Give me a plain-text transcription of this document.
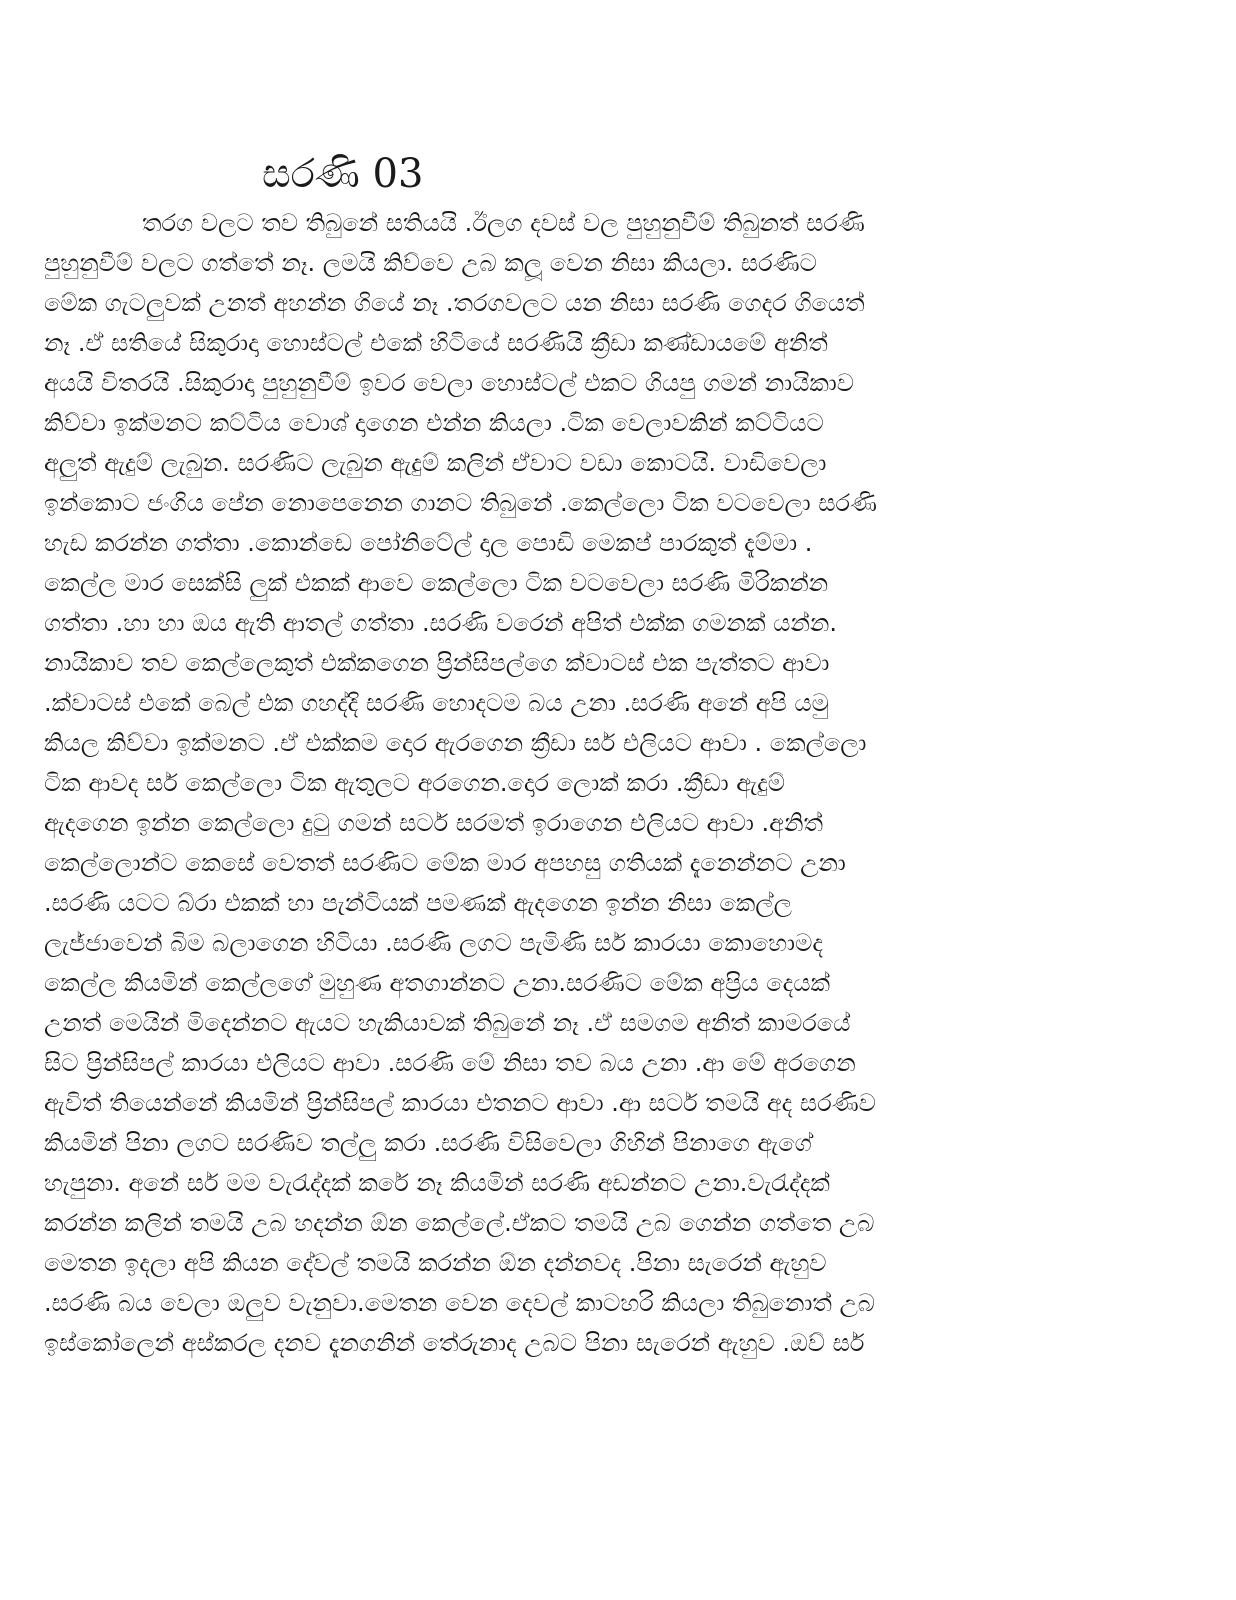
සරණි 03
තරග වලට තව තිබුනේ සතියයි .ඊලග දවස් වල පුහුනුවීම් තිබුනත් සරණි
පුහුනුවීම් වලට ගත්තේ නෑ. ලමයි කිව්වෙ උබ කලූ වෙන නිසා කියලා. සරණිට
මේක ගැටලුවක් උනත් අහන්න ගියේ නෑ .තරගවලට යන නිසා සරණි ගෙදර ගියෙත්
නෑ .ඒ සතියේ සිකුරාදා හොස්ටල් එකේ හිටියේ සරණියි ක්‍රීඩා කණ්ඩායමේ අනිත්
අයයි විතරයි .සිකුරාදා පුහුනුවීම් ඉවර වෙලා හොස්ටල් එකට ගියපු ගමන් නායිකාව
කිව්වා ඉක්මනට කට්ටිය වොශ් දාගෙන එන්න කියලා .ටික වෙලාවකින් කට්ටියට
අලුත් ඇදුම් ලැබුන. සරණිට ලැබුන ඇදුම් කලින් ඒවාට වඩා කොටයි. වාඩිවෙලා
ඉන්කොට ජංගිය පේන නොපෙනෙන ගානට තිබුනේ .කෙල්ලො ටික වටවෙලා සරණි
හැඩ කරන්න ගත්තා .කොන්ඩෙ පෝනිටේල් දාල පොඩි මෙකප් පාරකුත් දැම්මා .
කෙල්ල මාර සෙක්සි ලුක් එකක් ආවෙ කෙල්ලො ටික වටවෙලා සරණි මිරිකන්න
ගත්තා .හා හා ඔය ඇති ආතල් ගත්තා .සරණි වරෙන් අපිත් එක්ක ගමනක් යන්න.
නායිකාව තව කෙල්ලෙකුත් එක්කගෙන ප්‍රින්සිපල්ගෙ ක්වාටස් එක පැත්තට ආවා
.ක්වාටස් එකේ බෙල් එක ගහද්දි සරණි හොදටම බය උනා .සරණි අනේ අපි යමු
කියල කිව්වා ඉක්මනට .ඒ එක්කම දොර ඇරගෙන ක්‍රීඩා සර් එලියට ආවා . කෙල්ලො
ටික ආවද සර් කෙල්ලො ටික ඇතුලට අරගෙන.දොර ලොක් කරා .ක්‍රීඩා ඇදුම්
ඇදගෙන ඉන්න කෙල්ලො දුටු ගමන් සර්ට සරමත් ඉරාගෙන එලියට ආවා .අනිත්
කෙල්ලොන්ට කෙසේ වෙතත් සරණිට මේක මාර අපහසු ගතියක් දැනෙන්නට උනා
.සරණි යටට බ්රා එකක් හා පැන්ටියක් පමණක් ඇදගෙන ඉන්න නිසා කෙල්ල
ලැජ්ජාවෙන් බිම බලාගෙන හිටියා .සරණි ලගට පැමිණි සර් කාරයා කොහොමද
කෙල්ල කියමින් කෙල්ලගේ මුහුණ අතගාන්නට උනා.සරණිට මේක අප්‍රිය දෙයක්
උනත් මෙයින් මිදෙන්නට ඇයට හැකියාවක් තිබුනේ නෑ .ඒ සමගම අනිත් කාමරයේ
සිට ප්‍රින්සිපල් කාරයා එලියට ආවා .සරණි මේ නිසා තව බය උනා .ආ මේ අරගෙන
ඇවිත් තියෙන්නේ කියමින් ප්‍රින්සිපල් කාරයා එතනට ආවා .ආ සර්ට තමයි අද සරණිව
කියමින් පිනා ලගට සරණිව තල්ලු කරා .සරණි විසිවෙලා ගිහින් පිනාගෙ ඇගේ
හැපුනා. අනේ සර් මම වැරැද්දක් කරේ නෑ කියමින් සරණි අඩන්නට උනා.වැරැද්දක්
කරන්න කලින් තමයි උබ හදන්න ඕන කෙල්ලේ.ඒකට තමයි උබ ගෙන්න ගත්තෙ උබ
මෙතන ඉදලා අපි කියන දේවල් තමයි කරන්න ඕන දන්නවද .පිනා සැරෙන් ඇහුව
.සරණි බය වෙලා ඔලුව වැනුවා.මෙතන වෙන දෙවල් කාටහරි කියලා තිබුනොත් උබ
ඉස්කෝලෙන් අස්කරල දනව දැනගනින් තේරුනාද උබට පිනා සැරෙන් ඇහුව .ඔව් සර්
